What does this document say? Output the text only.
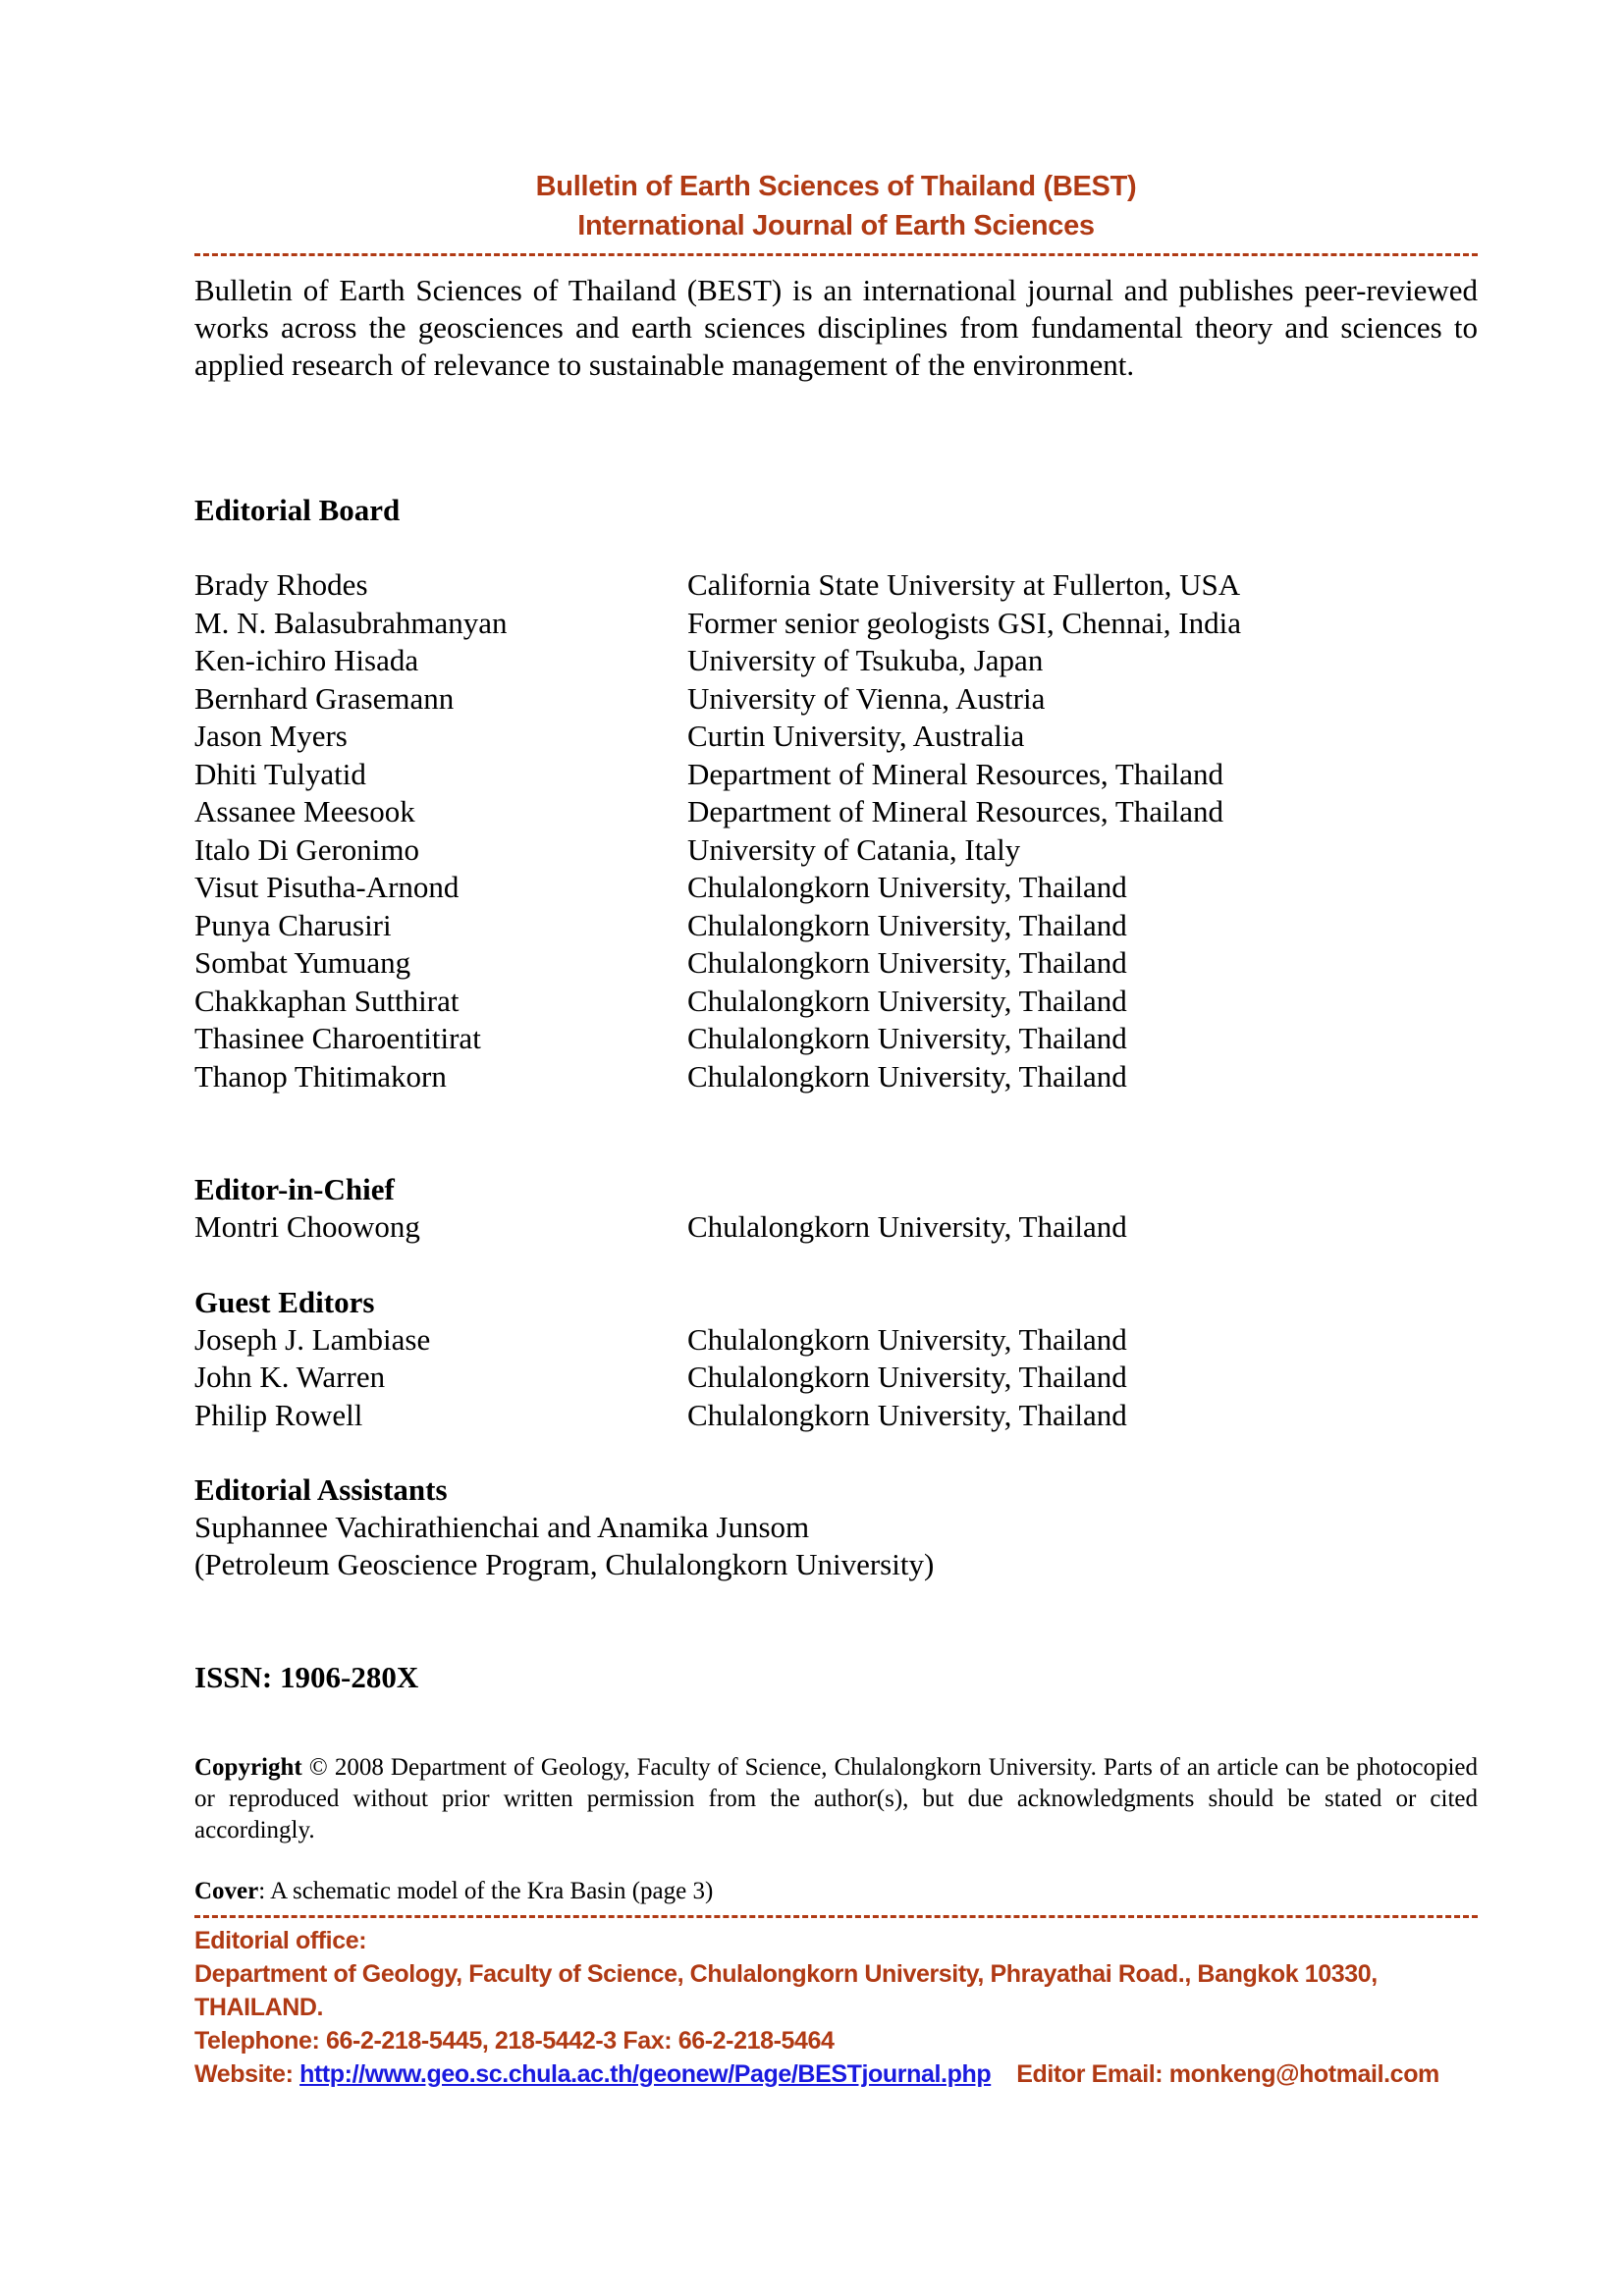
Bulletin of Earth Sciences of Thailand (BEST)
International Journal of Earth Sciences
Bulletin of Earth Sciences of Thailand (BEST) is an international journal and publishes peer-reviewed works across the geosciences and earth sciences disciplines from fundamental theory and sciences to applied research of relevance to sustainable management of the environment.
Editorial Board
Brady Rhodes	California State University at Fullerton, USA
M. N. Balasubrahmanyan	Former senior geologists GSI, Chennai, India
Ken-ichiro Hisada	University of Tsukuba, Japan
Bernhard Grasemann	University of Vienna, Austria
Jason Myers	Curtin University, Australia
Dhiti Tulyatid	Department of Mineral Resources, Thailand
Assanee Meesook	Department of Mineral Resources, Thailand
Italo Di Geronimo	University of Catania, Italy
Visut Pisutha-Arnond	Chulalongkorn University, Thailand
Punya Charusiri	Chulalongkorn University, Thailand
Sombat Yumuang	Chulalongkorn University, Thailand
Chakkaphan Sutthirat	Chulalongkorn University, Thailand
Thasinee Charoentitirat	Chulalongkorn University, Thailand
Thanop Thitimakorn	Chulalongkorn University, Thailand
Editor-in-Chief
Montri Choowong	Chulalongkorn University, Thailand
Guest Editors
Joseph J. Lambiase	Chulalongkorn University, Thailand
John K. Warren	Chulalongkorn University, Thailand
Philip Rowell	Chulalongkorn University, Thailand
Editorial Assistants
Suphannee Vachirathienchai and Anamika Junsom
(Petroleum Geoscience Program, Chulalongkorn University)
ISSN: 1906-280X
Copyright © 2008 Department of Geology, Faculty of Science, Chulalongkorn University. Parts of an article can be photocopied or reproduced without prior written permission from the author(s), but due acknowledgments should be stated or cited accordingly.
Cover: A schematic model of the Kra Basin (page 3)
Editorial office:
Department of Geology, Faculty of Science, Chulalongkorn University, Phrayathai Road., Bangkok 10330, THAILAND.
Telephone: 66-2-218-5445, 218-5442-3 Fax: 66-2-218-5464
Website: http://www.geo.sc.chula.ac.th/geonew/Page/BESTjournal.php Editor Email: monkeng@hotmail.com
